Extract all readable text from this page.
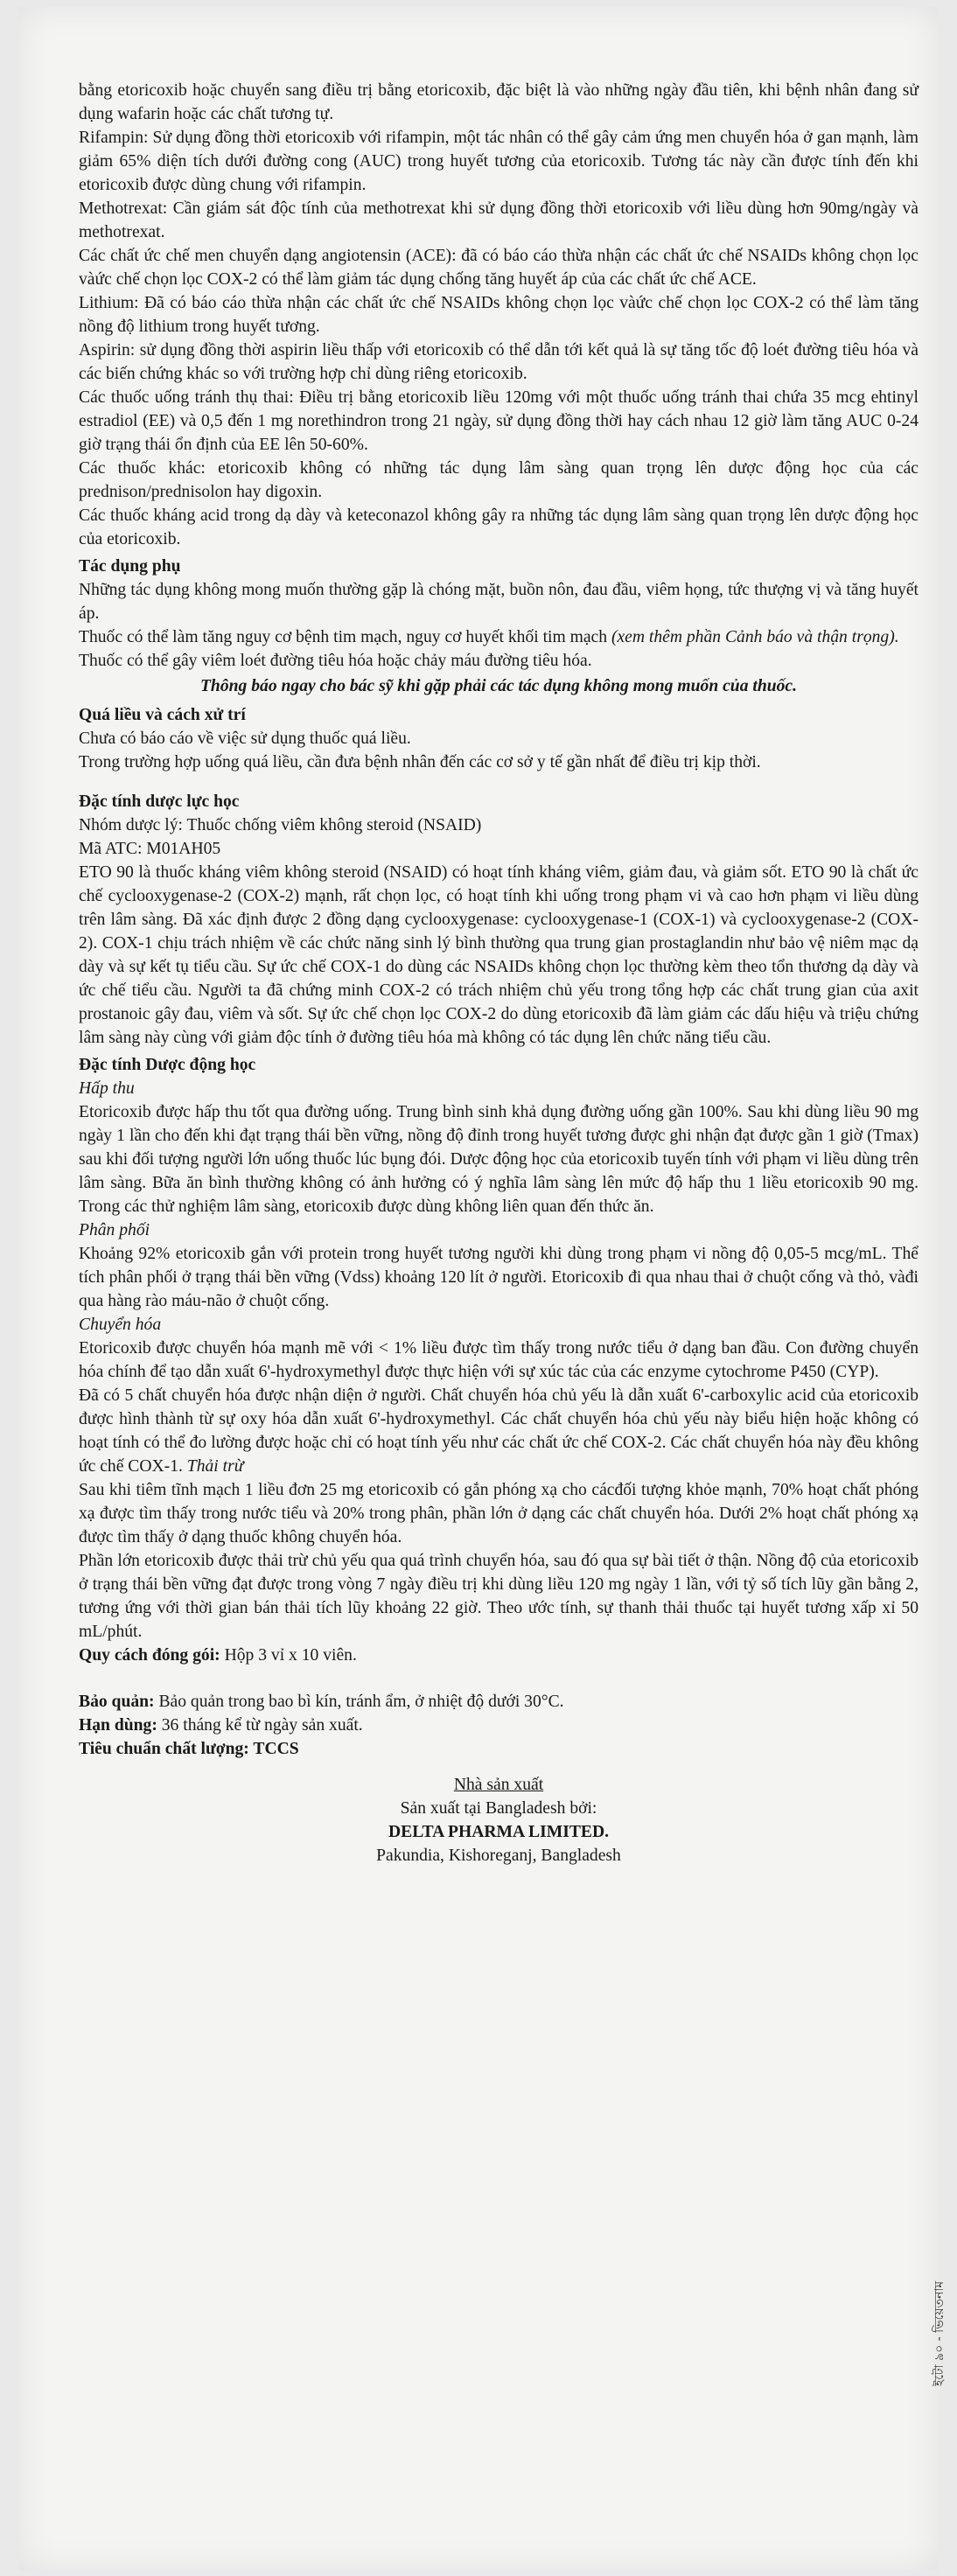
bằng etoricoxib hoặc chuyển sang điều trị bằng etoricoxib, đặc biệt là vào những ngày đầu tiên, khi bệnh nhân đang sử dụng wafarin hoặc các chất tương tự.

Rifampin: Sử dụng đồng thời etoricoxib với rifampin, một tác nhân có thể gây cảm ứng men chuyển hóa ở gan mạnh, làm giảm 65% diện tích dưới đường cong (AUC) trong huyết tương của etoricoxib. Tương tác này cần được tính đến khi etoricoxib được dùng chung với rifampin.

Methotrexat: Cần giám sát độc tính của methotrexat khi sử dụng đồng thời etoricoxib với liều dùng hơn 90mg/ngày và methotrexat.

Các chất ức chế men chuyển dạng angiotensin (ACE): đã có báo cáo thừa nhận các chất ức chế NSAIDs không chọn lọc vàức chế chọn lọc COX-2 có thể làm giảm tác dụng chống tăng huyết áp của các chất ức chế ACE.

Lithium: Đã có báo cáo thừa nhận các chất ức chế NSAIDs không chọn lọc vàức chế chọn lọc COX-2 có thể làm tăng nồng độ lithium trong huyết tương.

Aspirin: sử dụng đồng thời aspirin liều thấp với etoricoxib có thể dẫn tới kết quả là sự tăng tốc độ loét đường tiêu hóa và các biến chứng khác so với trường hợp chỉ dùng riêng etoricoxib.

Các thuốc uống tránh thụ thai: Điều trị bằng etoricoxib liều 120mg với một thuốc uống tránh thai chứa 35 mcg ehtinyl estradiol (EE) và 0,5 đến 1 mg norethindron trong 21 ngày, sử dụng đồng thời hay cách nhau 12 giờ làm tăng AUC 0-24 giờ trạng thái ổn định của EE lên 50-60%.

Các thuốc khác: etoricoxib không có những tác dụng lâm sàng quan trọng lên dược động học của các prednison/prednisolon hay digoxin.

Các thuốc kháng acid trong dạ dày và keteconazol không gây ra những tác dụng lâm sàng quan trọng lên dược động học của etoricoxib.

Tác dụng phụ

Những tác dụng không mong muốn thường gặp là chóng mặt, buồn nôn, đau đầu, viêm họng, tức thượng vị và tăng huyết áp.

Thuốc có thể làm tăng nguy cơ bệnh tim mạch, nguy cơ huyết khối tim mạch (xem thêm phần Cảnh báo và thận trọng).

Thuốc có thể gây viêm loét đường tiêu hóa hoặc chảy máu đường tiêu hóa.

Thông báo ngay cho bác sỹ khi gặp phải các tác dụng không mong muốn của thuốc.

Quá liều và cách xử trí

Chưa có báo cáo về việc sử dụng thuốc quá liều.

Trong trường hợp uống quá liều, cần đưa bệnh nhân đến các cơ sở y tế gần nhất để điều trị kịp thời.

Đặc tính dược lực học

Nhóm dược lý: Thuốc chống viêm không steroid (NSAID)

Mã ATC: M01AH05

ETO 90 là thuốc kháng viêm không steroid (NSAID) có hoạt tính kháng viêm, giảm đau, và giảm sốt. ETO 90 là chất ức chế cyclooxygenase-2 (COX-2) mạnh, rất chọn lọc, có hoạt tính khi uống trong phạm vi và cao hơn phạm vi liều dùng trên lâm sàng. Đã xác định được 2 đồng dạng cyclooxygenase: cyclooxygenase-1 (COX-1) và cyclooxygenase-2 (COX-2). COX-1 chịu trách nhiệm về các chức năng sinh lý bình thường qua trung gian prostaglandin như bảo vệ niêm mạc dạ dày và sự kết tụ tiểu cầu. Sự ức chế COX-1 do dùng các NSAIDs không chọn lọc thường kèm theo tổn thương dạ dày và ức chế tiểu cầu. Người ta đã chứng minh COX-2 có trách nhiệm chủ yếu trong tổng hợp các chất trung gian của axit prostanoic gây đau, viêm và sốt. Sự ức chế chọn lọc COX-2 do dùng etoricoxib đã làm giảm các dấu hiệu và triệu chứng lâm sàng này cùng với giảm độc tính ở đường tiêu hóa mà không có tác dụng lên chức năng tiểu cầu.

Đặc tính Dược động học

Hấp thu

Etoricoxib được hấp thu tốt qua đường uống. Trung bình sinh khả dụng đường uống gần 100%. Sau khi dùng liều 90 mg ngày 1 lần cho đến khi đạt trạng thái bền vững, nồng độ đỉnh trong huyết tương được ghi nhận đạt được gần 1 giờ (Tmax) sau khi đối tượng người lớn uống thuốc lúc bụng đói. Dược động học của etoricoxib tuyến tính với phạm vi liều dùng trên lâm sàng. Bữa ăn bình thường không có ảnh hưởng có ý nghĩa lâm sàng lên mức độ hấp thu 1 liều etoricoxib 90 mg. Trong các thử nghiệm lâm sàng, etoricoxib được dùng không liên quan đến thức ăn.

Phân phối

Khoảng 92% etoricoxib gắn với protein trong huyết tương người khi dùng trong phạm vi nồng độ 0,05-5 mcg/mL. Thể tích phân phối ở trạng thái bền vững (Vdss) khoảng 120 lít ở người. Etoricoxib đi qua nhau thai ở chuột cống và thỏ, vàđi qua hàng rào máu-não ở chuột cống.

Chuyển hóa

Etoricoxib được chuyển hóa mạnh mẽ với < 1% liều được tìm thấy trong nước tiểu ở dạng ban đầu. Con đường chuyển hóa chính để tạo dẫn xuất 6'-hydroxymethyl được thực hiện với sự xúc tác của các enzyme cytochrome P450 (CYP).

Đã có 5 chất chuyển hóa được nhận diện ở người. Chất chuyển hóa chủ yếu là dẫn xuất 6'-carboxylic acid của etoricoxib được hình thành từ sự oxy hóa dẫn xuất 6'-hydroxymethyl. Các chất chuyển hóa chủ yếu này biểu hiện hoặc không có hoạt tính có thể đo lường được hoặc chỉ có hoạt tính yếu như các chất ức chế COX-2. Các chất chuyển hóa này đều không ức chế COX-1. Thải trừ

Sau khi tiêm tĩnh mạch 1 liều đơn 25 mg etoricoxib có gắn phóng xạ cho cácđối tượng khỏe mạnh, 70% hoạt chất phóng xạ được tìm thấy trong nước tiểu và 20% trong phân, phần lớn ở dạng các chất chuyển hóa. Dưới 2% hoạt chất phóng xạ được tìm thấy ở dạng thuốc không chuyển hóa.

Phần lớn etoricoxib được thải trừ chủ yếu qua quá trình chuyển hóa, sau đó qua sự bài tiết ở thận. Nồng độ của etoricoxib ở trạng thái bền vững đạt được trong vòng 7 ngày điều trị khi dùng liều 120 mg ngày 1 lần, với tỷ số tích lũy gần bằng 2, tương ứng với thời gian bán thải tích lũy khoảng 22 giờ. Theo ước tính, sự thanh thải thuốc tại huyết tương xấp xỉ 50 mL/phút.

Quy cách đóng gói: Hộp 3 vỉ x 10 viên.

Bảo quản: Bảo quản trong bao bì kín, tránh ẩm, ở nhiệt độ dưới 30°C.

Hạn dùng: 36 tháng kể từ ngày sản xuất.

Tiêu chuẩn chất lượng: TCCS

Nhà sản xuất

Sản xuất tại Bangladesh bởi:

DELTA PHARMA LIMITED.

Pakundia, Kishoreganj, Bangladesh

ইটো ৯০ - ভিয়েতনাম
